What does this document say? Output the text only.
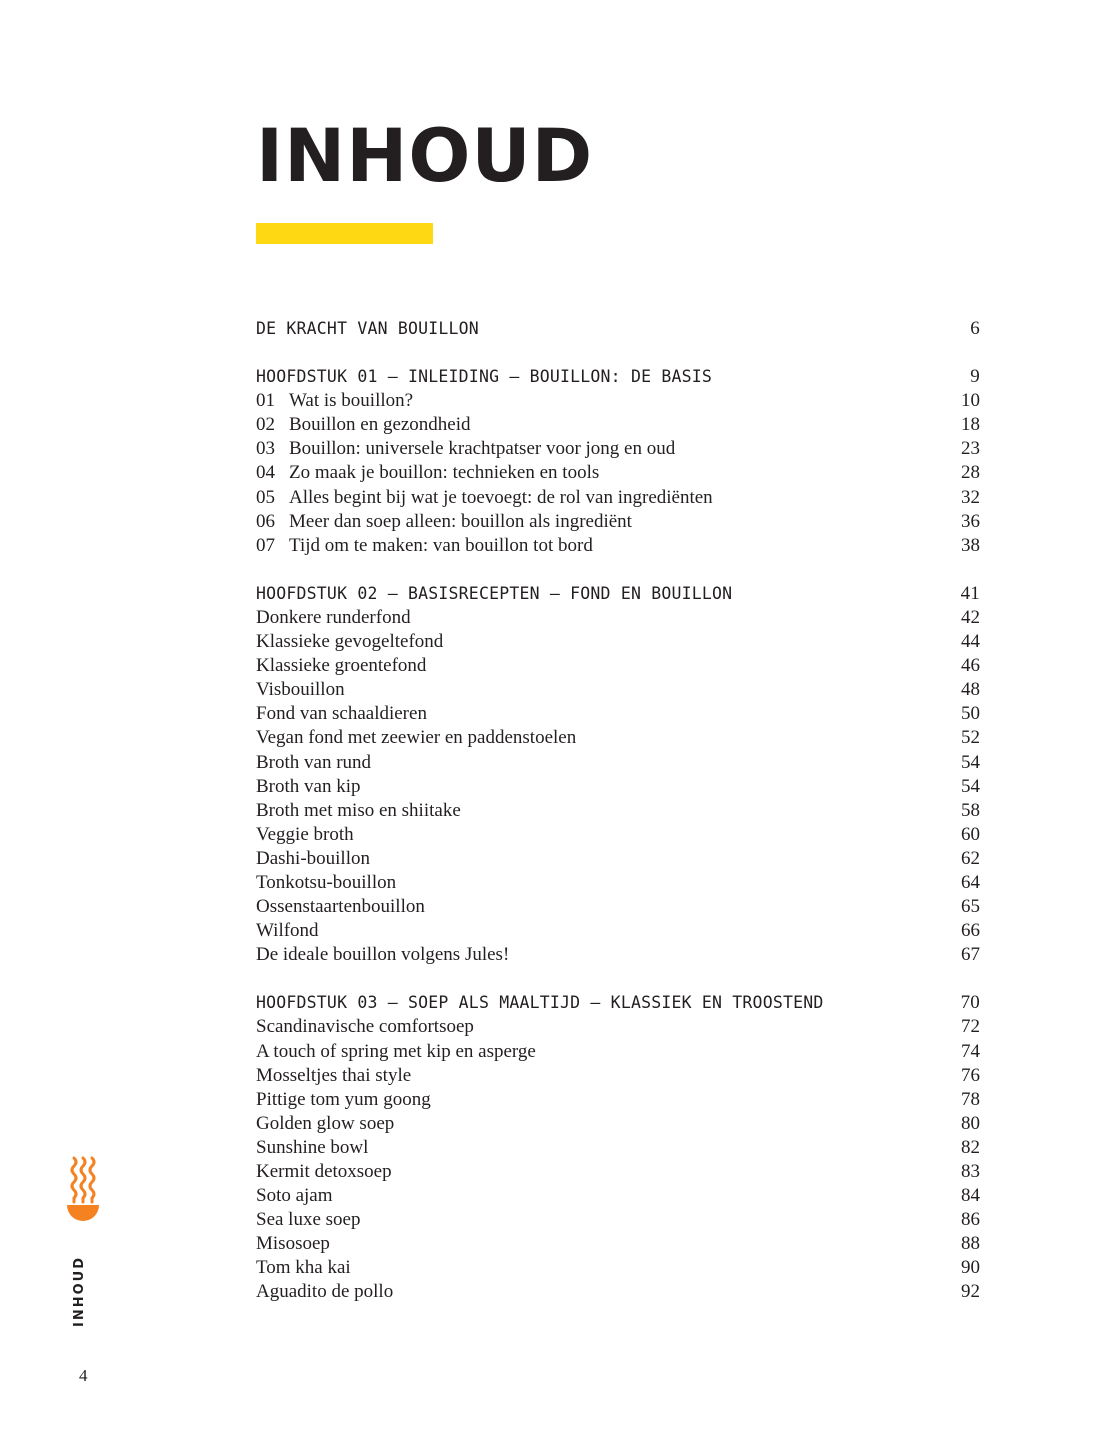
INHOUD
DE KRACHT VAN BOUILLON	6
HOOFDSTUK 01 – INLEIDING – BOUILLON: DE BASIS	9
01 Wat is bouillon?	10
02 Bouillon en gezondheid	18
03 Bouillon: universele krachtpatser voor jong en oud	23
04 Zo maak je bouillon: technieken en tools	28
05 Alles begint bij wat je toevoegt: de rol van ingrediënten	32
06 Meer dan soep alleen: bouillon als ingrediënt	36
07 Tijd om te maken: van bouillon tot bord	38
HOOFDSTUK 02 – BASISRECEPTEN – FOND EN BOUILLON	41
Donkere runderfond	42
Klassieke gevogeltefond	44
Klassieke groentefond	46
Visbouillon	48
Fond van schaaldieren	50
Vegan fond met zeewier en paddenstoelen	52
Broth van rund	54
Broth van kip	54
Broth met miso en shiitake	58
Veggie broth	60
Dashi-bouillon	62
Tonkotsu-bouillon	64
Ossenstaartenbouillon	65
Wilfond	66
De ideale bouillon volgens Jules!	67
HOOFDSTUK 03 – SOEP ALS MAALTIJD – KLASSIEK EN TROOSTEND	70
Scandinavische comfortsoep	72
A touch of spring met kip en asperge	74
Mosseltjes thai style	76
Pittige tom yum goong	78
Golden glow soep	80
Sunshine bowl	82
Kermit detoxsoep	83
Soto ajam	84
Sea luxe soep	86
Misosoep	88
Tom kha kai	90
Aguadito de pollo	92
INHOUD
4
